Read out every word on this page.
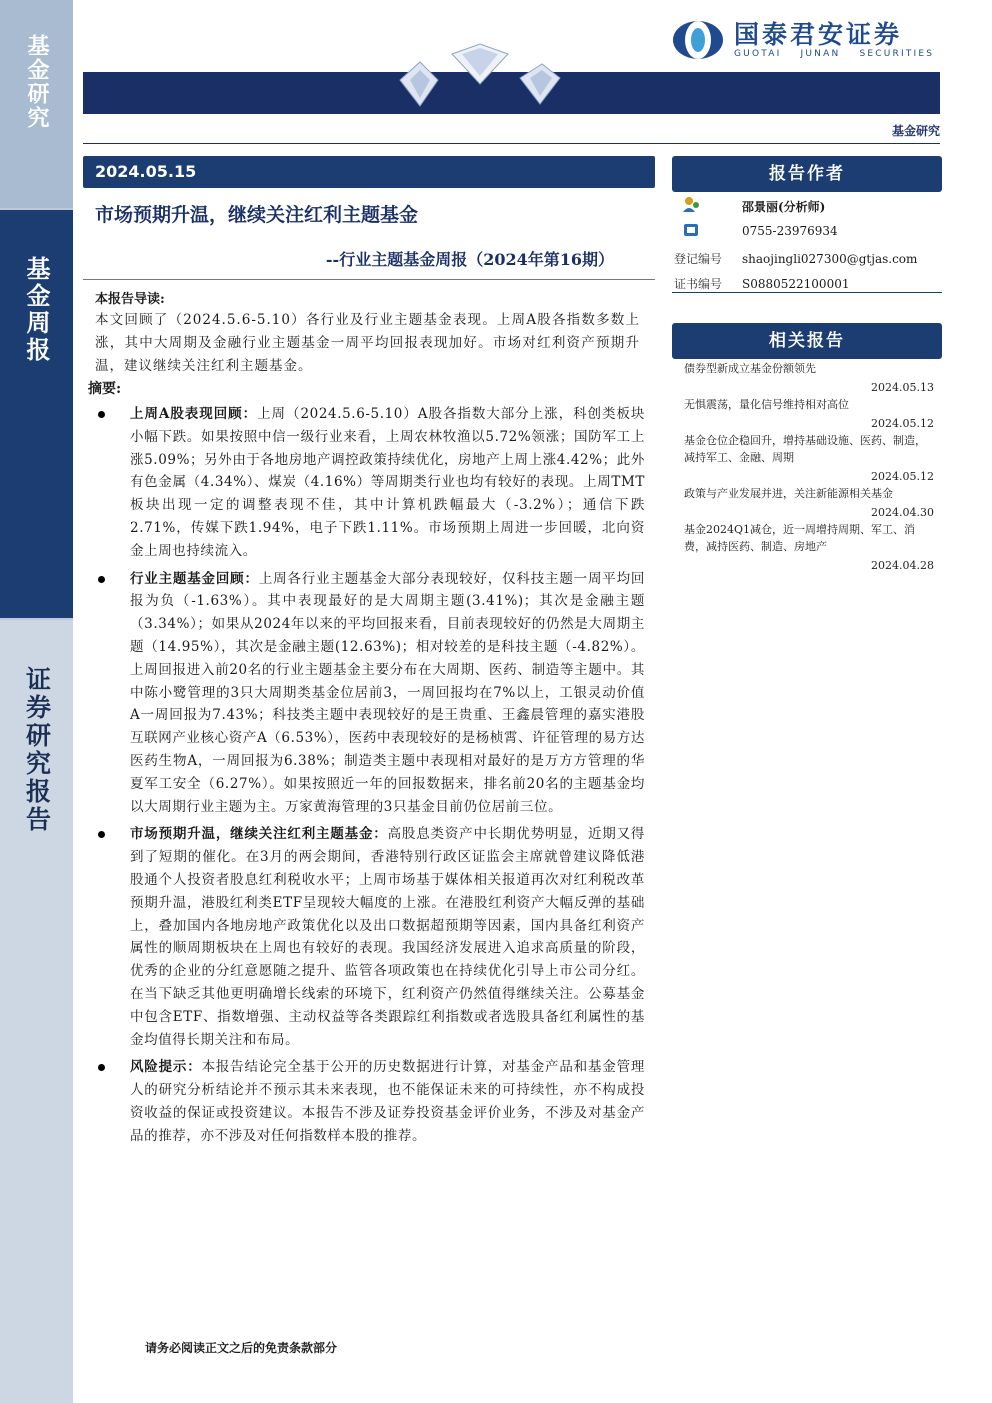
基金研究
基金周报
证券研究报告
国泰君安证券
GUOTAI JUNAN SECURITIES
基金研究
2024.05.15
市场预期升温，继续关注红利主题基金
--行业主题基金周报（2024年第16期）
本报告导读:
本文回顾了（2024.5.6-5.10）各行业及行业主题基金表现。上周A股各指数多数上涨，其中大周期及金融行业主题基金一周平均回报表现加好。市场对红利资产预期升温，建议继续关注红利主题基金。
摘要:
上周A股表现回顾：上周（2024.5.6-5.10）A股各指数大部分上涨，科创类板块小幅下跌。如果按照中信一级行业来看，上周农林牧渔以5.72%领涨；国防军工上涨5.09%；另外由于各地房地产调控政策持续优化，房地产上周上涨4.42%；此外有色金属（4.34%）、煤炭（4.16%）等周期类行业也均有较好的表现。上周TMT板块出现一定的调整表现不佳，其中计算机跌幅最大（-3.2%）；通信下跌2.71%，传媒下跌1.94%，电子下跌1.11%。市场预期上周进一步回暖，北向资金上周也持续流入。
行业主题基金回顾：上周各行业主题基金大部分表现较好，仅科技主题一周平均回报为负（-1.63%）。其中表现最好的是大周期主题(3.41%)；其次是金融主题（3.34%）；如果从2024年以来的平均回报来看，目前表现较好的仍然是大周期主题（14.95%），其次是金融主题(12.63%)；相对较差的是科技主题（-4.82%）。上周回报进入前20名的行业主题基金主要分布在大周期、医药、制造等主题中。其中陈小鹭管理的3只大周期类基金位居前3，一周回报均在7%以上，工银灵动价值A一周回报为7.43%；科技类主题中表现较好的是王贵重、王鑫晨管理的嘉实港股互联网产业核心资产A（6.53%），医药中表现较好的是杨桢霄、许征管理的易方达医药生物A，一周回报为6.38%；制造类主题中表现相对最好的是万方方管理的华夏军工安全（6.27%）。如果按照近一年的回报数据来，排名前20名的主题基金均以大周期行业主题为主。万家黄海管理的3只基金目前仍位居前三位。
市场预期升温，继续关注红利主题基金：高股息类资产中长期优势明显，近期又得到了短期的催化。在3月的两会期间，香港特别行政区证监会主席就曾建议降低港股通个人投资者股息红利税收水平；上周市场基于媒体相关报道再次对红利税改革预期升温，港股红利类ETF呈现较大幅度的上涨。在港股红利资产大幅反弹的基础上，叠加国内各地房地产政策优化以及出口数据超预期等因素，国内具备红利资产属性的顺周期板块在上周也有较好的表现。我国经济发展进入追求高质量的阶段，优秀的企业的分红意愿随之提升、监管各项政策也在持续优化引导上市公司分红。在当下缺乏其他更明确增长线索的环境下，红利资产仍然值得继续关注。公募基金中包含ETF、指数增强、主动权益等各类跟踪红利指数或者选股具备红利属性的基金均值得长期关注和布局。
风险提示：本报告结论完全基于公开的历史数据进行计算，对基金产品和基金管理人的研究分析结论并不预示其未来表现，也不能保证未来的可持续性，亦不构成投资收益的保证或投资建议。本报告不涉及证券投资基金评价业务，不涉及对基金产品的推荐，亦不涉及对任何指数样本股的推荐。
请务必阅读正文之后的免责条款部分
报告作者
邵景丽(分析师)
0755-23976934
登记编号 shaojingli027300@gtjas.com
证书编号 S0880522100001
相关报告
债券型新成立基金份额领先
2024.05.13
无惧震荡，量化信号维持相对高位
2024.05.12
基金仓位企稳回升，增持基础设施、医药、制造，减持军工、金融、周期
2024.05.12
政策与产业发展并进，关注新能源相关基金
2024.04.30
基金2024Q1减仓，近一周增持周期、军工、消费，减持医药、制造、房地产
2024.04.28
